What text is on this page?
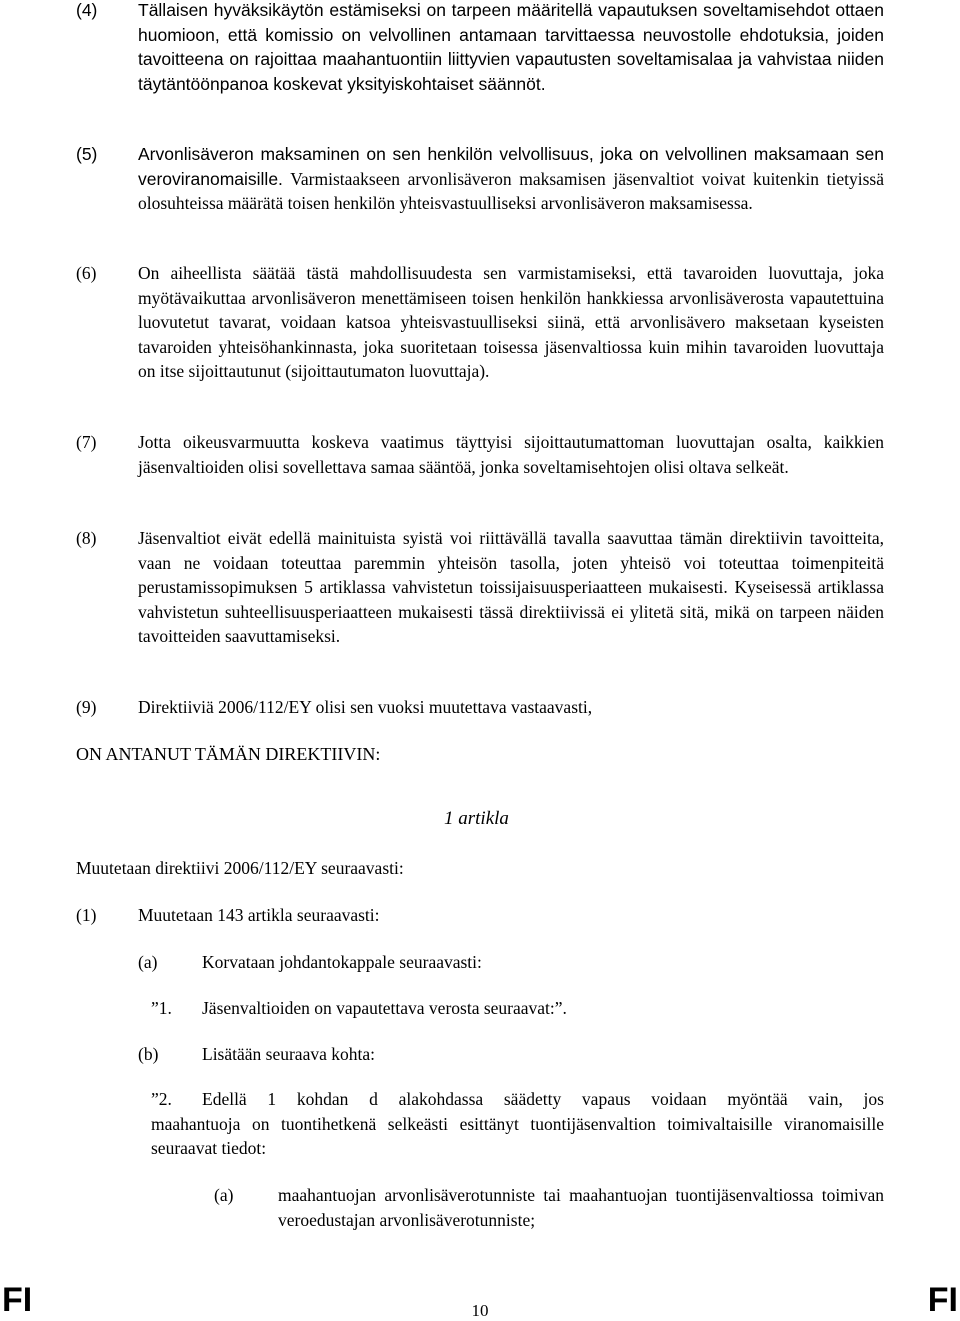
(4) Tällaisen hyväksikäytön estämiseksi on tarpeen määritellä vapautuksen soveltamisehdot ottaen huomioon, että komissio on velvollinen antamaan tarvittaessa neuvostolle ehdotuksia, joiden tavoitteena on rajoittaa maahantuontiin liittyvien vapautusten soveltamisalaa ja vahvistaa niiden täytäntöönpanoa koskevat yksityiskohtaiset säännöt.
(5) Arvonlisäveron maksaminen on sen henkilön velvollisuus, joka on velvollinen maksamaan sen veroviranomaisille. Varmistaakseen arvonlisäveron maksamisen jäsenvaltiot voivat kuitenkin tietyissä olosuhteissa määrätä toisen henkilön yhteisvastuulliseksi arvonlisäveron maksamisessa.
(6) On aiheellista säätää tästä mahdollisuudesta sen varmistamiseksi, että tavaroiden luovuttaja, joka myötävaikuttaa arvonlisäveron menettämiseen toisen henkilön hankkiessa arvonlisäverosta vapautettuina luovutetut tavarat, voidaan katsoa yhteisvastuulliseksi siinä, että arvonlisävero maksetaan kyseisten tavaroiden yhteisöhankinnasta, joka suoritetaan toisessa jäsenvaltiossa kuin mihin tavaroiden luovuttaja on itse sijoittautunut (sijoittautumaton luovuttaja).
(7) Jotta oikeusvarmuutta koskeva vaatimus täyttyisi sijoittautumattoman luovuttajan osalta, kaikkien jäsenvaltioiden olisi sovellettava samaa sääntöä, jonka soveltamisehtojen olisi oltava selkeät.
(8) Jäsenvaltiot eivät edellä mainituista syistä voi riittävällä tavalla saavuttaa tämän direktiivin tavoitteita, vaan ne voidaan toteuttaa paremmin yhteisön tasolla, joten yhteisö voi toteuttaa toimenpiteitä perustamissopimuksen 5 artiklassa vahvistetun toissijaisuusperiaatteen mukaisesti. Kyseisessä artiklassa vahvistetun suhteellisuusperiaatteen mukaisesti tässä direktiivissä ei ylitetä sitä, mikä on tarpeen näiden tavoitteiden saavuttamiseksi.
(9) Direktiiviä 2006/112/EY olisi sen vuoksi muutettava vastaavasti,
ON ANTANUT TÄMÄN DIREKTIIVIN:
1 artikla
Muutetaan direktiivi 2006/112/EY seuraavasti:
(1) Muutetaan 143 artikla seuraavasti:
(a)	Korvataan johdantokappale seuraavasti:
”1. Jäsenvaltioiden on vapautettava verosta seuraavat:”.
(b) Lisätään seuraava kohta:
”2. Edellä 1 kohdan d alakohdassa säädetty vapaus voidaan myöntää vain, jos
maahantuoja on tuontihetkenä selkeästi esittänyt tuontijäsenvaltion toimivaltaisille viranomaisille seuraavat tiedot:
(a)	maahantuojan arvonlisäverotunniste tai maahantuojan tuontijäsenvaltiossa toimivan veroedustajan arvonlisäverotunniste;
FI	FI
10
